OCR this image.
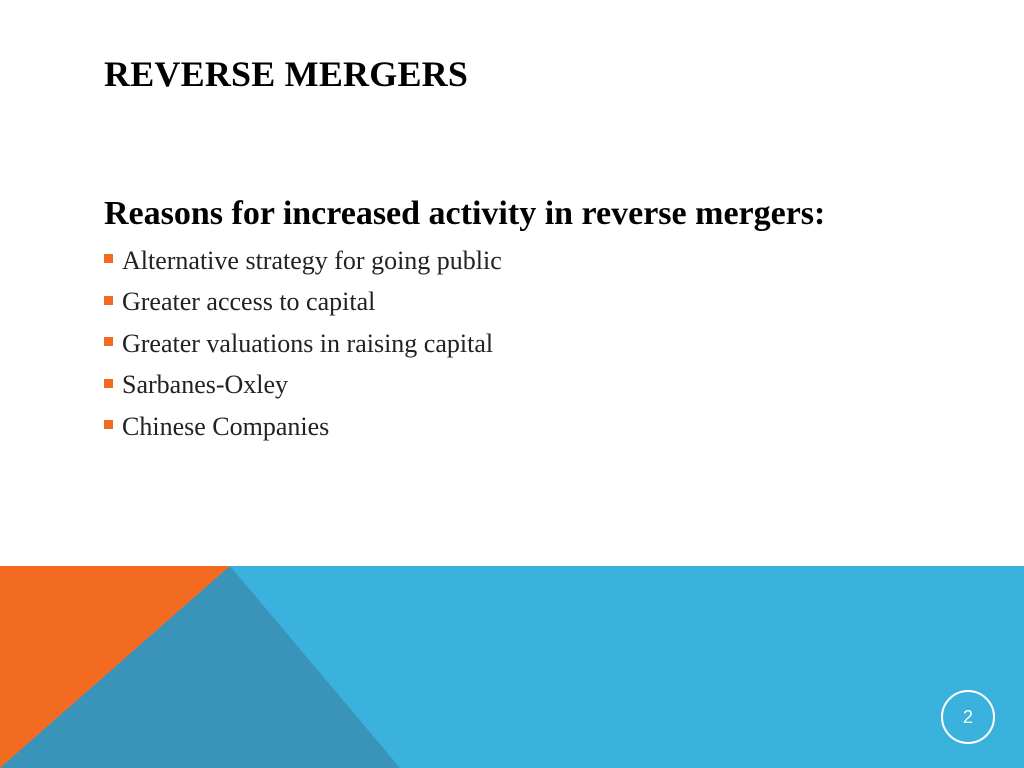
REVERSE MERGERS
Reasons for increased activity in reverse mergers:
Alternative strategy for going public
Greater access to capital
Greater valuations in raising capital
Sarbanes-Oxley
Chinese Companies
2
